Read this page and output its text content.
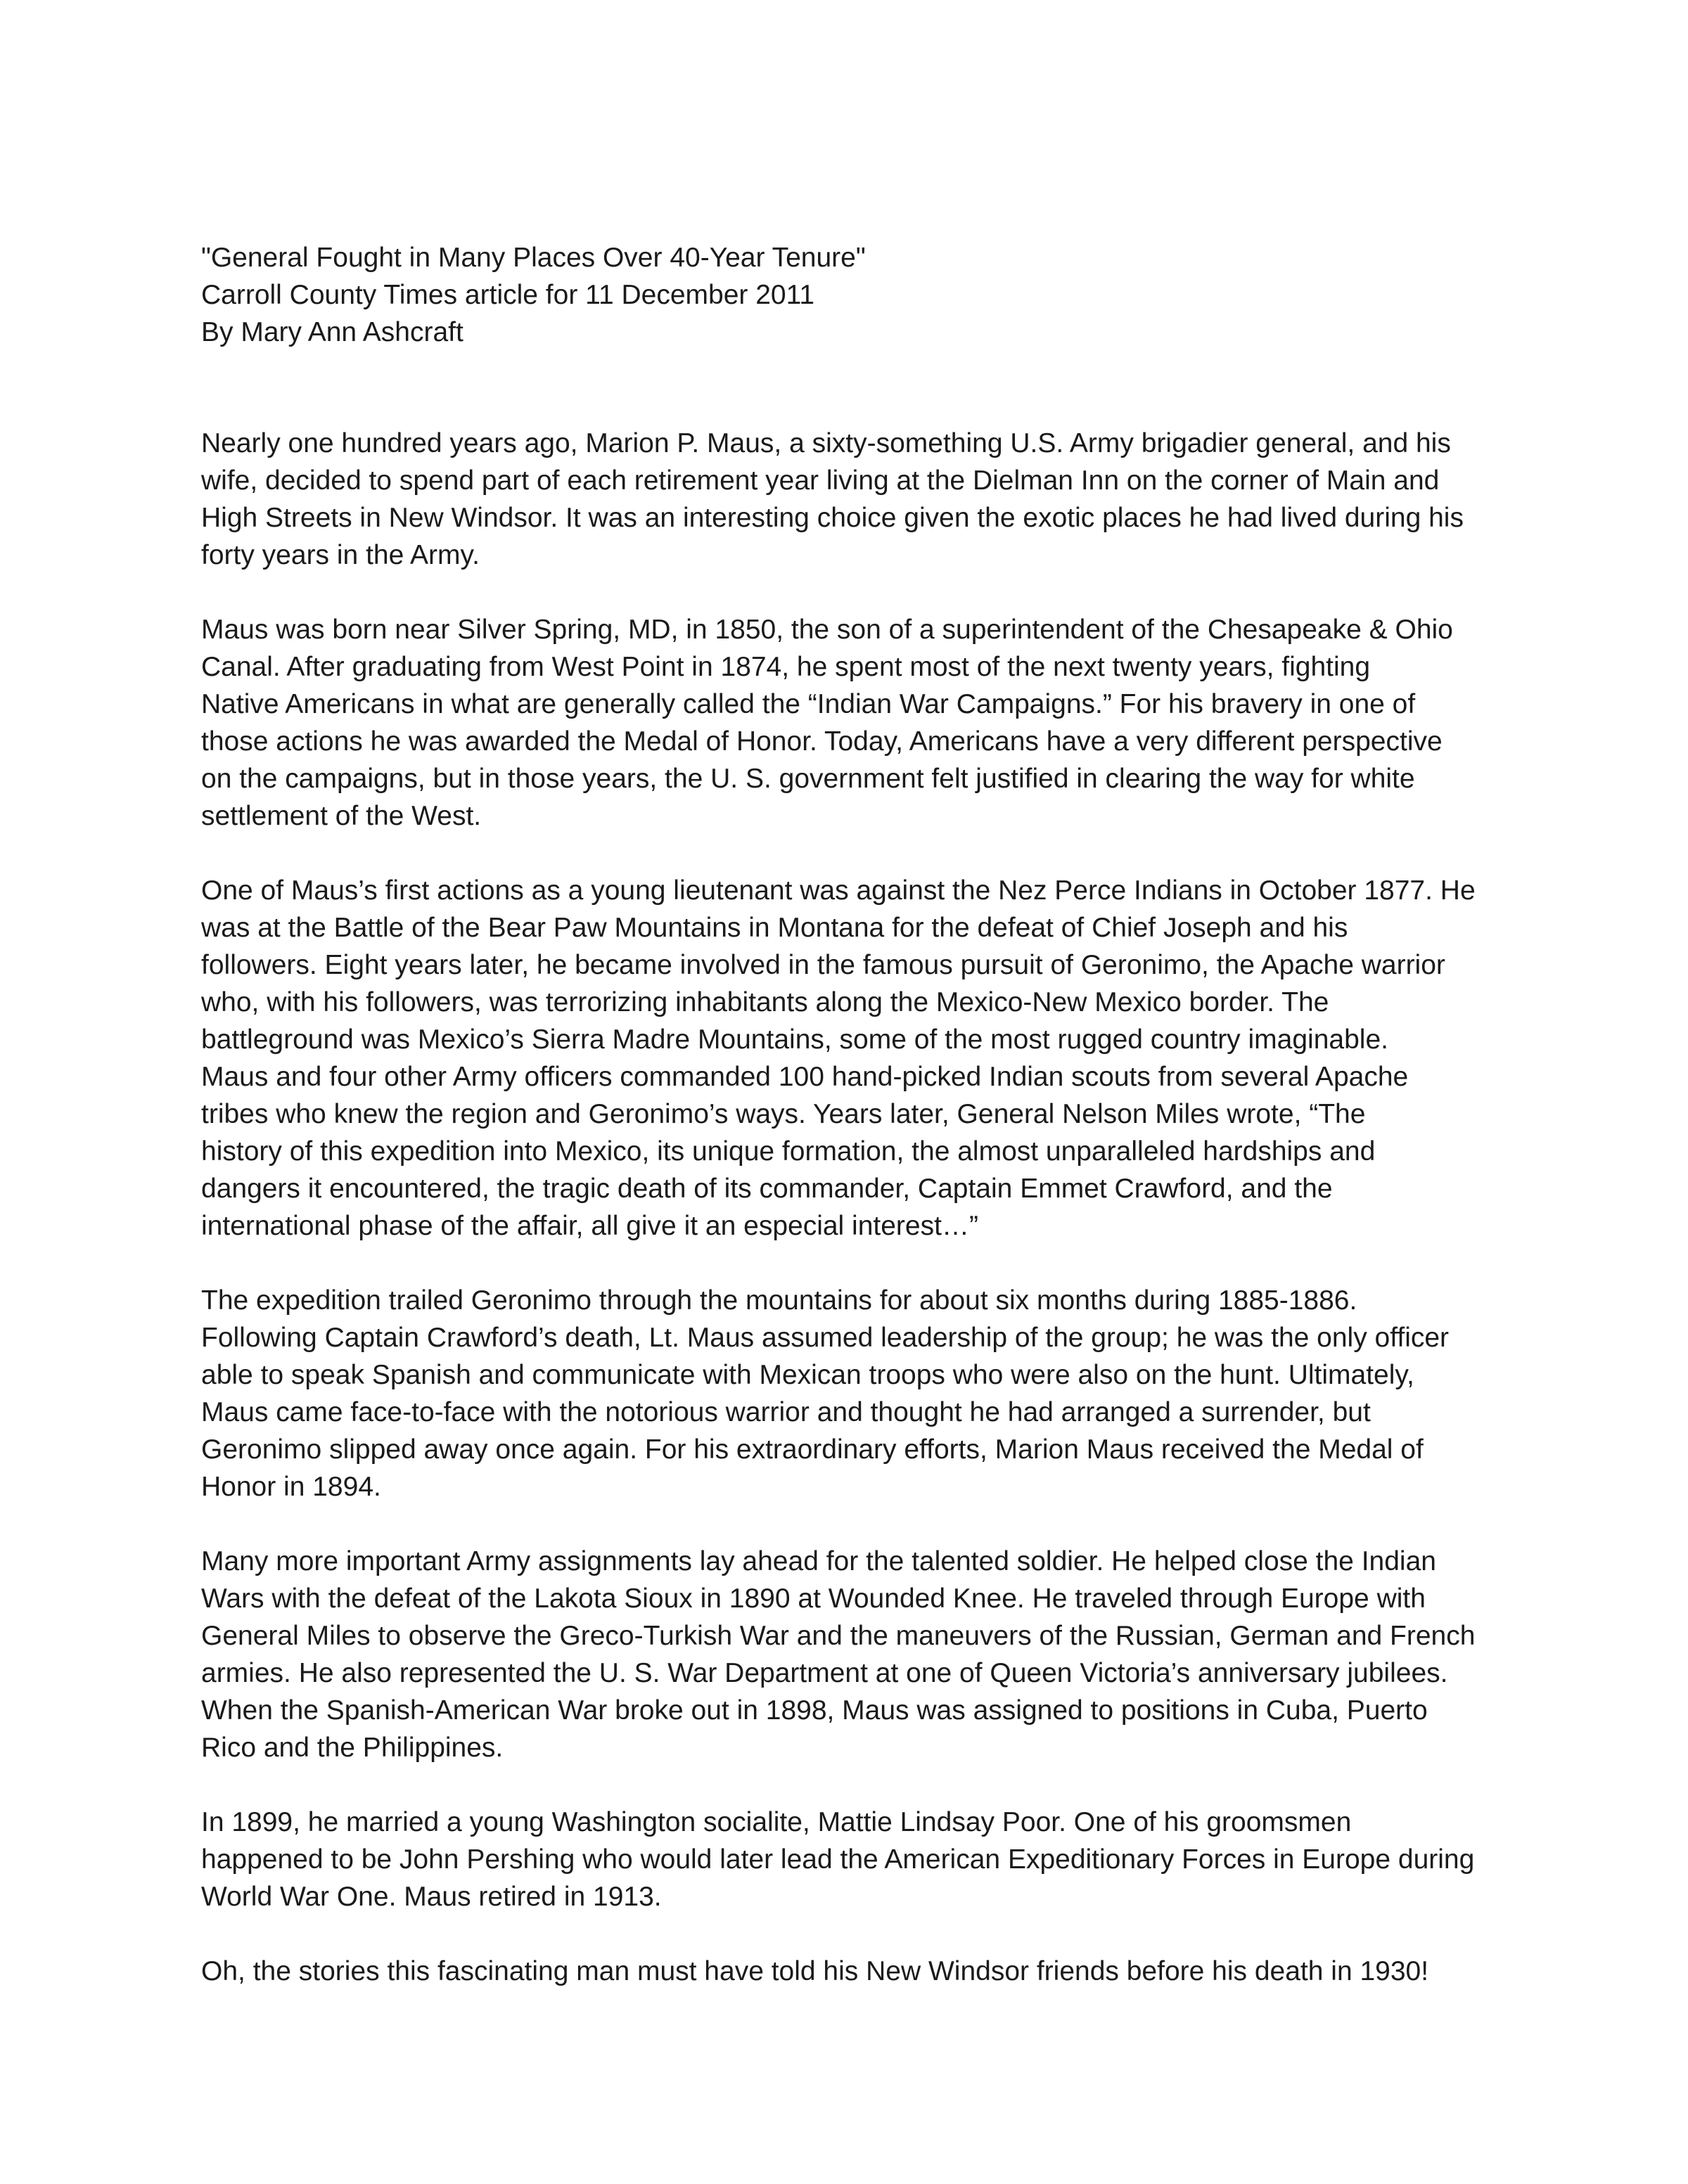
"General Fought in Many Places Over 40-Year Tenure"
Carroll County Times article for 11 December 2011
By Mary Ann Ashcraft
Nearly one hundred years ago, Marion P. Maus, a sixty-something U.S. Army brigadier general, and his
wife, decided to spend part of each retirement year living at the Dielman Inn on the corner of Main and
High Streets in New Windsor. It was an interesting choice given the exotic places he had lived during his
forty years in the Army.
Maus was born near Silver Spring, MD, in 1850, the son of a superintendent of the Chesapeake & Ohio
Canal. After graduating from West Point in 1874, he spent most of the next twenty years, fighting
Native Americans in what are generally called the “Indian War Campaigns.” For his bravery in one of
those actions he was awarded the Medal of Honor. Today, Americans have a very different perspective
on the campaigns, but in those years, the U. S. government felt justified in clearing the way for white
settlement of the West.
One of Maus’s first actions as a young lieutenant was against the Nez Perce Indians in October 1877. He
was at the Battle of the Bear Paw Mountains in Montana for the defeat of Chief Joseph and his
followers. Eight years later, he became involved in the famous pursuit of Geronimo, the Apache warrior
who, with his followers, was terrorizing inhabitants along the Mexico-New Mexico border. The
battleground was Mexico’s Sierra Madre Mountains, some of the most rugged country imaginable.
Maus and four other Army officers commanded 100 hand-picked Indian scouts from several Apache
tribes who knew the region and Geronimo’s ways. Years later, General Nelson Miles wrote, “The
history of this expedition into Mexico, its unique formation, the almost unparalleled hardships and
dangers it encountered, the tragic death of its commander, Captain Emmet Crawford, and the
international phase of the affair, all give it an especial interest…”
The expedition trailed Geronimo through the mountains for about six months during 1885-1886.
Following Captain Crawford’s death, Lt. Maus assumed leadership of the group; he was the only officer
able to speak Spanish and communicate with Mexican troops who were also on the hunt. Ultimately,
Maus came face-to-face with the notorious warrior and thought he had arranged a surrender, but
Geronimo slipped away once again. For his extraordinary efforts, Marion Maus received the Medal of
Honor in 1894.
Many more important Army assignments lay ahead for the talented soldier. He helped close the Indian
Wars with the defeat of the Lakota Sioux in 1890 at Wounded Knee. He traveled through Europe with
General Miles to observe the Greco-Turkish War and the maneuvers of the Russian, German and French
armies. He also represented the U. S. War Department at one of Queen Victoria’s anniversary jubilees.
When the Spanish-American War broke out in 1898, Maus was assigned to positions in Cuba, Puerto
Rico and the Philippines.
In 1899, he married a young Washington socialite, Mattie Lindsay Poor. One of his groomsmen
happened to be John Pershing who would later lead the American Expeditionary Forces in Europe during
World War One. Maus retired in 1913.
Oh, the stories this fascinating man must have told his New Windsor friends before his death in 1930!
